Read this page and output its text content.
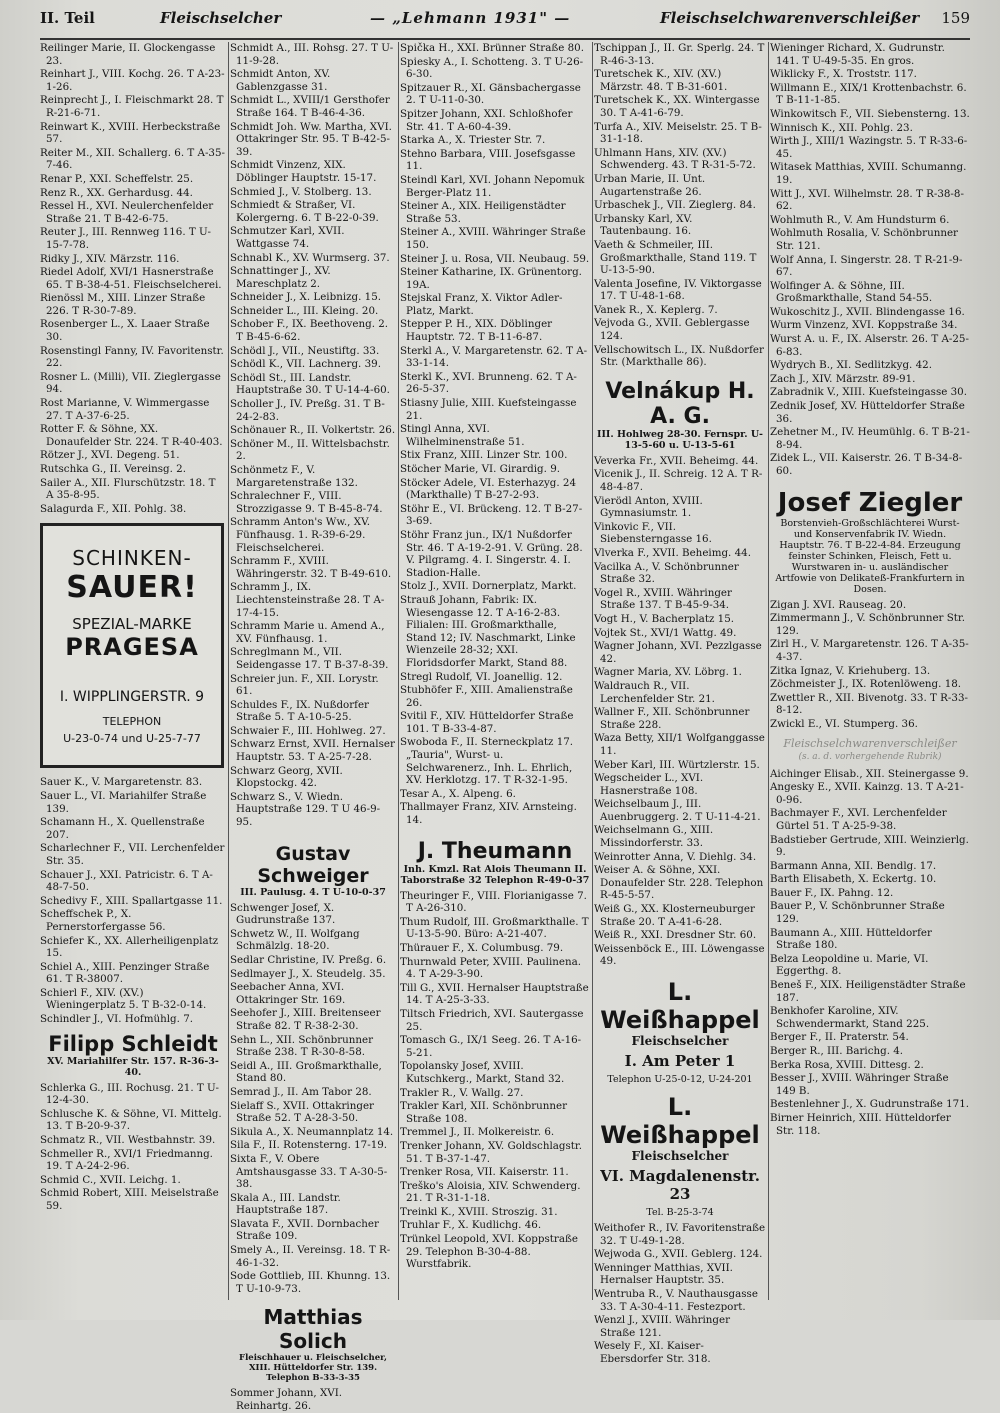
II. Teil	Fleischselcher	— „Lehmann 1931" —	Fleischselchwarenverschleißer 159
Reilinger Marie, II. Glockengasse 23.
Reinhart J., VIII. Kochg. 26. T A-23-1-26.
Reinprecht J., I. Fleischmarkt 28. T R-21-6-71.
Reinwart K., XVIII. Herbeckstraße 57.
Reiter M., XII. Schallerg. 6. T A-35-7-46.
Renar P., XXI. Scheffelstr. 25.
Renz R., XX. Gerhardusg. 44.
Ressel H., XVI. Neulerchenfelder Straße 21. T B-42-6-75.
Reuter J., III. Rennweg 116. T U-15-7-78.
Ridky J., XIV. Märzstr. 116.
Riedel Adolf, XVI/1 Hasnerstraße 65. T B-38-4-51. Fleischselcherei.
Rienössl M., XIII. Linzer Straße 226. T R-30-7-89.
Rosenberger L., X. Laaer Straße 30.
Rosenstingl Fanny, IV. Favoritenstr. 22.
Rosner L. (Milli), VII. Zieglergasse 94.
Rost Marianne, V. Wimmergasse 27. T A-37-6-25.
Rotter F. & Söhne, XX. Donaufelder Str. 224. T R-40-403.
Rötzer J., XVI. Degeng. 51.
Rutschka G., II. Vereinsg. 2.
Sailer A., XII. Flurschützstr. 18. T A 35-8-95.
Salagurda F., XII. Pohlg. 38.
SCHINKEN-
SAUER!
SPEZIAL-MARKE
PRAGESA
I. WIPPLINGERSTR. 9
TELEPHON
U-23-0-74 und U-25-7-77
Sauer K., V. Margaretenstr. 83.
Sauer L., VI. Mariahilfer Straße 139.
Schamann H., X. Quellenstraße 207.
Scharlechner F., VII. Lerchenfelder Str. 35.
Schauer J., XXI. Patricistr. 6. T A-48-7-50.
Schedivy F., XIII. Spallartgasse 11.
Scheffschek P., X. Pernerstorfergasse 56.
Schiefer K., XX. Allerheiligenplatz 15.
Schiel A., XIII. Penzinger Straße 61. T R-38007.
Schierl F., XIV. (XV.) Wieningerplatz 5. T B-32-0-14.
Schindler J., VI. Hofmühlg. 7.
Filipp Schleidt
XV. Mariahilfer Str. 157. R-36-3-40.
Schlerka G., III. Rochusg. 21. T U-12-4-30.
Schlusche K. & Söhne, VI. Mittelg. 13. T B-20-9-37.
Schmatz R., VII. Westbahnstr. 39.
Schmeller R., XVI/1 Friedmanng. 19. T A-24-2-96.
Schmid C., XVII. Leichg. 1.
Schmid Robert, XIII. Meiselstraße 59.
Schmidt A., III. Rohsg. 27. T U-11-9-28.
Schmidt Anton, XV. Gablenzgasse 31.
Schmidt L., XVIII/1 Gersthofer Straße 164. T B-46-4-36.
Schmidt Joh. Ww. Martha, XVI. Ottakringer Str. 95. T B-42-5-39.
Schmidt Vinzenz, XIX. Döblinger Hauptstr. 15-17.
Schmied J., V. Stolberg. 13.
Schmiedt & Straßer, VI. Kolergerng. 6. T B-22-0-39.
Schmutzer Karl, XVII. Wattgasse 74.
Schnabl K., XV. Wurmserg. 37.
Schnattinger J., XV. Mareschplatz 2.
Schneider J., X. Leibnizg. 15.
Schneider L., III. Kleing. 20.
Schober F., IX. Beethoveng. 2. T B-45-6-62.
Schödl J., VII., Neustiftg. 33.
Schödl K., VII. Lachnerg. 39.
Schödl St., III. Landstr. Hauptstraße 30. T U-14-4-60.
Scholler J., IV. Preßg. 31. T B-24-2-83.
Schönauer R., II. Volkertstr. 26.
Schöner M., II. Wittelsbachstr. 2.
Schönmetz F., V. Margaretenstraße 132.
Schralechner F., VIII. Strozzigasse 9. T B-45-8-74.
Schramm Anton's Ww., XV. Fünfhausg. 1. R-39-6-29. Fleischselcherei.
Schramm F., XVIII. Währingerstr. 32. T B-49-610.
Schramm J., IX. Liechtensteinstraße 28. T A-17-4-15.
Schramm Marie u. Amend A., XV. Fünfhausg. 1.
Schreglmann M., VII. Seidengasse 17. T B-37-8-39.
Schreier jun. F., XII. Lorystr. 61.
Schuldes F., IX. Nußdorfer Straße 5. T A-10-5-25.
Schwaier F., III. Hohlweg. 27.
Schwarz Ernst, XVII. Hernalser Hauptstr. 53. T A-25-7-28.
Schwarz Georg, XVII. Klopstockg. 42.
Schwarz S., V. Wiedn. Hauptstraße 129. T U 46-9-95.
Gustav Schweiger
III. Paulusg. 4. T U-10-0-37
Schwenger Josef, X. Gudrunstraße 137.
Schwetz W., II. Wolfgang Schmälzlg. 18-20.
Sedlar Christine, IV. Preßg. 6.
Sedlmayer J., X. Steudelg. 35.
Seebacher Anna, XVI. Ottakringer Str. 169.
Seehofer J., XIII. Breitenseer Straße 82. T R-38-2-30.
Sehn L., XII. Schönbrunner Straße 238. T R-30-8-58.
Seidl A., III. Großmarkthalle, Stand 80.
Semrad J., II. Am Tabor 28.
Sielaff S., XVII. Ottakringer Straße 52. T A-28-3-50.
Sikula A., X. Neumannplatz 14.
Sila F., II. Rotensterng. 17-19.
Sixta F., V. Obere Amtshausgasse 33. T A-30-5-38.
Skala A., III. Landstr. Hauptstraße 187.
Slavata F., XVII. Dornbacher Straße 109.
Smely A., II. Vereinsg. 18. T R-46-1-32.
Sode Gottlieb, III. Khunng. 13. T U-10-9-73.
Matthias Solich
Fleischhauer u. Fleischselcher, XIII. Hütteldorfer Str. 139. Telephon B-33-3-35
Sommer Johann, XVI. Reinhartg. 26.
Spička H., XXI. Brünner Straße 80.
Spiesky A., I. Schotteng. 3. T U-26-6-30.
Spitzauer R., XI. Gänsbachergasse 2. T U-11-0-30.
Spitzer Johann, XXI. Schloßhofer Str. 41. T A-60-4-39.
Starka A., X. Triester Str. 7.
Stehno Barbara, VIII. Josefsgasse 11.
Steindl Karl, XVI. Johann Nepomuk Berger-Platz 11.
Steiner A., XIX. Heiligenstädter Straße 53.
Steiner A., XVIII. Währinger Straße 150.
Steiner J. u. Rosa, VII. Neubaug. 59.
Steiner Katharine, IX. Grünentorg. 19A.
Stejskal Franz, X. Viktor Adler-Platz, Markt.
Stepper P. H., XIX. Döblinger Hauptstr. 72. T B-11-6-87.
Sterkl A., V. Margaretenstr. 62. T A-33-1-14.
Sterkl K., XVI. Brunneng. 62. T A-26-5-37.
Stiasny Julie, XIII. Kuefsteingasse 21.
Stingl Anna, XVI. Wilhelminenstraße 51.
Stix Franz, XIII. Linzer Str. 100.
Stöcher Marie, VI. Girardig. 9.
Stöcker Adele, VI. Esterhazyg. 24 (Markthalle) T B-27-2-93.
Stöhr E., VI. Brückeng. 12. T B-27-3-69.
Stöhr Franz jun., IX/1 Nußdorfer Str. 46. T A-19-2-91. V. Grüng. 28. V. Pilgramg. 4. I. Singerstr. 4. I. Stadion-Halle.
Stolz J., XVII. Dornerplatz, Markt.
Strauß Johann, Fabrik: IX. Wiesengasse 12. T A-16-2-83. Filialen: III. Großmarkthalle, Stand 12; IV. Naschmarkt, Linke Wienzeile 28-32; XXI. Floridsdorfer Markt, Stand 88.
Stregl Rudolf, VI. Joanellig. 12.
Stubhöfer F., XIII. Amalienstraße 26.
Svitil F., XIV. Hütteldorfer Straße 101. T B-33-4-87.
Swoboda F., II. Sterneckplatz 17. „Tauria", Wurst- u. Selchwarenerz., Inh. L. Ehrlich, XV. Herklotzg. 17. T R-32-1-95.
Tesar A., X. Alpeng. 6.
Thallmayer Franz, XIV. Arnsteing. 14.
J. Theumann
Inh. Kmzl. Rat Alois Theumann II. Taborstraße 32 Telephon R-49-0-37
Theuringer F., VIII. Florianigasse 7. T A-26-310.
Thum Rudolf, III. Großmarkthalle. T U-13-5-90. Büro: A-21-407.
Thürauer F., X. Columbusg. 79.
Thurnwald Peter, XVIII. Paulinenа. 4. T A-29-3-90.
Till G., XVII. Hernalser Hauptstraße 14. T A-25-3-33.
Tiltsch Friedrich, XVI. Sautergasse 25.
Tomasch G., IX/1 Seeg. 26. T A-16-5-21.
Topolansky Josef, XVIII. Kutschkerg., Markt, Stand 32.
Trakler R., V. Wallg. 27.
Trakler Karl, XII. Schönbrunner Straße 108.
Tremmel J., II. Molkereistr. 6.
Trenker Johann, XV. Goldschlagstr. 51. T B-37-1-47.
Trenker Rosa, VII. Kaiserstr. 11.
Treško's Aloisia, XIV. Schwenderg. 21. T R-31-1-18.
Treinkl K., XVIII. Stroszig. 31.
Truhlar F., X. Kudlichg. 46.
Trünkel Leopold, XVI. Koppstraße 29. Telephon B-30-4-88. Wurstfabrik.
Tschippan J., II. Gr. Sperlg. 24. T R-46-3-13.
Turetschek K., XIV. (XV.) Märzstr. 48. T B-31-601.
Turetschek K., XX. Wintergasse 30. T A-41-6-79.
Turfa A., XIV. Meiselstr. 25. T B-31-1-18.
Uhlmann Hans, XIV. (XV.) Schwenderg. 43. T R-31-5-72.
Urban Marie, II. Unt. Augartenstraße 26.
Urbaschek J., VII. Zieglerg. 84.
Urbansky Karl, XV. Tautenbaung. 16.
Vaeth & Schmeiler, III. Großmarkthalle, Stand 119. T U-13-5-90.
Valenta Josefine, IV. Viktorgasse 17. T U-48-1-68.
Vanek R., X. Keplerg. 7.
Vejvoda G., XVII. Geblergasse 124.
Vellschowitsch L., IX. Nußdorfer Str. (Markthalle 86).
Velnákup H. A. G.
III. Hohlweg 28-30. Fernspr. U-13-5-60 u. U-13-5-61
Veverka Fr., XVII. Beheimg. 44.
Vicenik J., II. Schreig. 12 A. T R-48-4-87.
Vierödl Anton, XVIII. Gymnasiumstr. 1.
Vinkovic F., VII. Siebensterngasse 16.
Vlverka F., XVII. Beheimg. 44.
Vacilka A., V. Schönbrunner Straße 32.
Vogel R., XVIII. Währinger Straße 137. T B-45-9-34.
Vogt H., V. Bacherplatz 15.
Vojtek St., XVI/1 Wattg. 49.
Wagner Johann, XVI. Pezzlgasse 42.
Wagner Maria, XV. Löbrg. 1.
Waldrauch R., VII. Lerchenfelder Str. 21.
Wallner F., XII. Schönbrunner Straße 228.
Waza Betty, XII/1 Wolfganggasse 11.
Weber Karl, III. Würtzlerstr. 15.
Wegscheider L., XVI. Hasnerstraße 108.
Weichselbaum J., III. Auenbruggerg. 2. T U-11-4-21.
Weichselmann G., XIII. Missindorferstr. 33.
Weinrotter Anna, V. Diehlg. 34.
Weiser A. & Söhne, XXI. Donaufelder Str. 228. Telephon R-45-5-57.
Weiß G., XX. Klosterneuburger Straße 20. T A-41-6-28.
Weiß R., XXI. Dresdner Str. 60.
Weissenböck E., III. Löwengasse 49.
L. Weißhappel
Fleischselcher
I. Am Peter 1
Telephon U-25-0-12, U-24-201
L. Weißhappel
Fleischselcher
VI. Magdalenenstr. 23
Tel. B-25-3-74
Weithofer R., IV. Favoritenstraße 32. T U-49-1-28.
Wejwoda G., XVII. Geblerg. 124.
Wenninger Matthias, XVII. Hernalser Hauptstr. 35.
Wentruba R., V. Nauthausgasse 33. T A-30-4-11. Festezport.
Wenzl J., XVIII. Währinger Straße 121.
Wesely F., XI. Kaiser-Ebersdorfer Str. 318.
Wieninger Richard, X. Gudrunstr. 141. T U-49-5-35. En gros.
Wiklicky F., X. Troststr. 117.
Willmann E., XIX/1 Krottenbachstr. 6. T B-11-1-85.
Winkowitsch F., VII. Siebensterng. 13.
Winnisch K., XII. Pohlg. 23.
Wirth J., XIII/1 Wazingstr. 5. T R-33-6-45.
Witasek Matthias, XVIII. Schumanng. 19.
Witt J., XVI. Wilhelmstr. 28. T R-38-8-62.
Wohlmuth R., V. Am Hundsturm 6.
Wohlmuth Rosalia, V. Schönbrunner Str. 121.
Wolf Anna, I. Singerstr. 28. T R-21-9-67.
Wolfinger A. & Söhne, III. Großmarkthalle, Stand 54-55.
Wukoschitz J., XVII. Blindengasse 16.
Wurm Vinzenz, XVI. Koppstraße 34.
Wurst A. u. F., IX. Alserstr. 26. T A-25-6-83.
Wydrych B., XI. Sedlitzkyg. 42.
Zach J., XIV. Märzstr. 89-91.
Zabradnik V., XIII. Kuefsteingasse 30.
Zednik Josef, XV. Hütteldorfer Straße 36.
Zehetner M., IV. Heumühlg. 6. T B-21-8-94.
Zidek L., VII. Kaiserstr. 26. T B-34-8-60.
Josef Ziegler
Borstenvieh-Großschlächterei Wurst- und Konservenfabrik IV. Wiedn. Hauptstr. 76. T B-22-4-84. Erzeugung feinster Schinken, Fleisch, Fett u. Wurstwaren in- u. ausländischer Artfowie von Delikateß-Frankfurtern in Dosen.
Zigan J. XVI. Rauseag. 20.
Zimmermann J., V. Schönbrunner Str. 129.
Zirl H., V. Margaretenstr. 126. T A-35-4-37.
Zitka Ignaz, V. Kriehuberg. 13.
Zöchmeister J., IX. Rotenlöweng. 18.
Zwettler R., XII. Bivenotg. 33. T R-33-8-12.
Zwickl E., VI. Stumperg. 36.
Fleischselchwarenverschleißer
(s. a. d. vorhergehende Rubrik)
Aichinger Elisab., XII. Steinergasse 9.
Angesky E., XVII. Kainzg. 13. T A-21-0-96.
Bachmayer F., XVI. Lerchenfelder Gürtel 51. T A-25-9-38.
Badstieber Gertrude, XIII. Weinzierlg. 9.
Barmann Anna, XII. Bendlg. 17.
Barth Elisabeth, X. Eckertg. 10.
Bauer F., IX. Pahng. 12.
Bauer P., V. Schönbrunner Straße 129.
Baumann A., XIII. Hütteldorfer Straße 180.
Belza Leopoldine u. Marie, VI. Eggerthg. 8.
Beneš F., XIX. Heiligenstädter Straße 187.
Benkhofer Karoline, XIV. Schwendermarkt, Stand 225.
Berger F., II. Praterstr. 54.
Berger R., III. Barichg. 4.
Berka Rosa, XVIII. Dittesg. 2.
Besser J., XVIII. Währinger Straße 149 B.
Bestenlehner J., X. Gudrunstraße 171.
Birner Heinrich, XIII. Hütteldorfer Str. 118.
